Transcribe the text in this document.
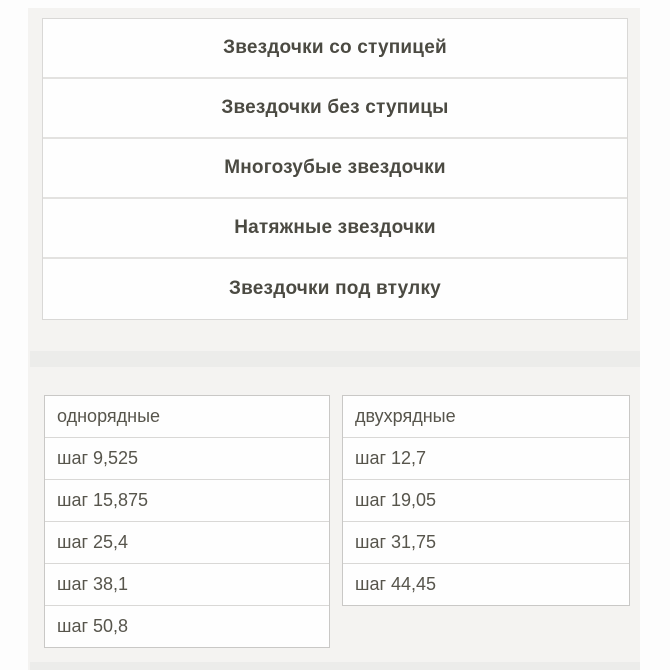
Звездочки со ступицей
Звездочки без ступицы
Многозубые звездочки
Натяжные звездочки
Звездочки под втулку
однорядные
шаг 9,525
шаг 15,875
шаг 25,4
шаг 38,1
шаг 50,8
двухрядные
шаг 12,7
шаг 19,05
шаг 31,75
шаг 44,45
